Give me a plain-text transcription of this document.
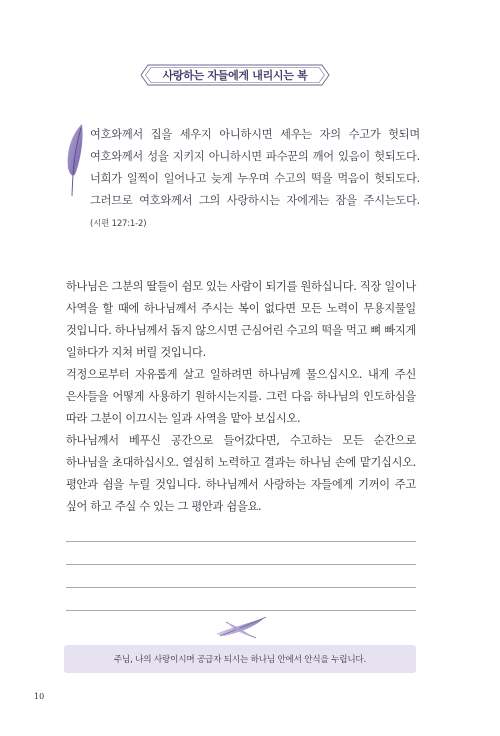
사랑하는 자들에게 내리시는 복
여호와께서 집을 세우지 아니하시면 세우는 자의 수고가 헛되며 여호와께서 성을 지키지 아니하시면 파수꾼의 깨어 있음이 헛되도다. 너희가 일찍이 일어나고 늦게 누우며 수고의 떡을 먹음이 헛되도다. 그러므로 여호와께서 그의 사랑하시는 자에게는 잠을 주시는도다. (시편 127:1-2)

하나님은 그분의 딸들이 쉼모 있는 사람이 되기를 원하십니다. 직장 일이나 사역을 할 때에 하나님께서 주시는 복이 없다면 모든 노력이 무용지물일 것입니다. 하나님께서 돕지 않으시면 근심어린 수고의 떡을 먹고 뼈 빠지게 일하다가 지쳐 버릴 것입니다.

걱정으로부터 자유롭게 살고 일하려면 하나님께 물으십시오. 내게 주신 은사들을 어떻게 사용하기 원하시는지를. 그런 다음 하나님의 인도하심을 따라 그분이 이끄시는 일과 사역을 맡아 보십시오.

하나님께서 베푸신 공간으로 들어갔다면, 수고하는 모든 순간으로 하나님을 초대하십시오. 열심히 노력하고 결과는 하나님 손에 맡기십시오. 평안과 쉼을 누릴 것입니다. 하나님께서 사랑하는 자들에게 기꺼이 주고 싶어 하고 주실 수 있는 그 평안과 쉼을요.

주님, 나의 사랑이시며 공급자 되시는 하나님 안에서 안식을 누립니다.
10
